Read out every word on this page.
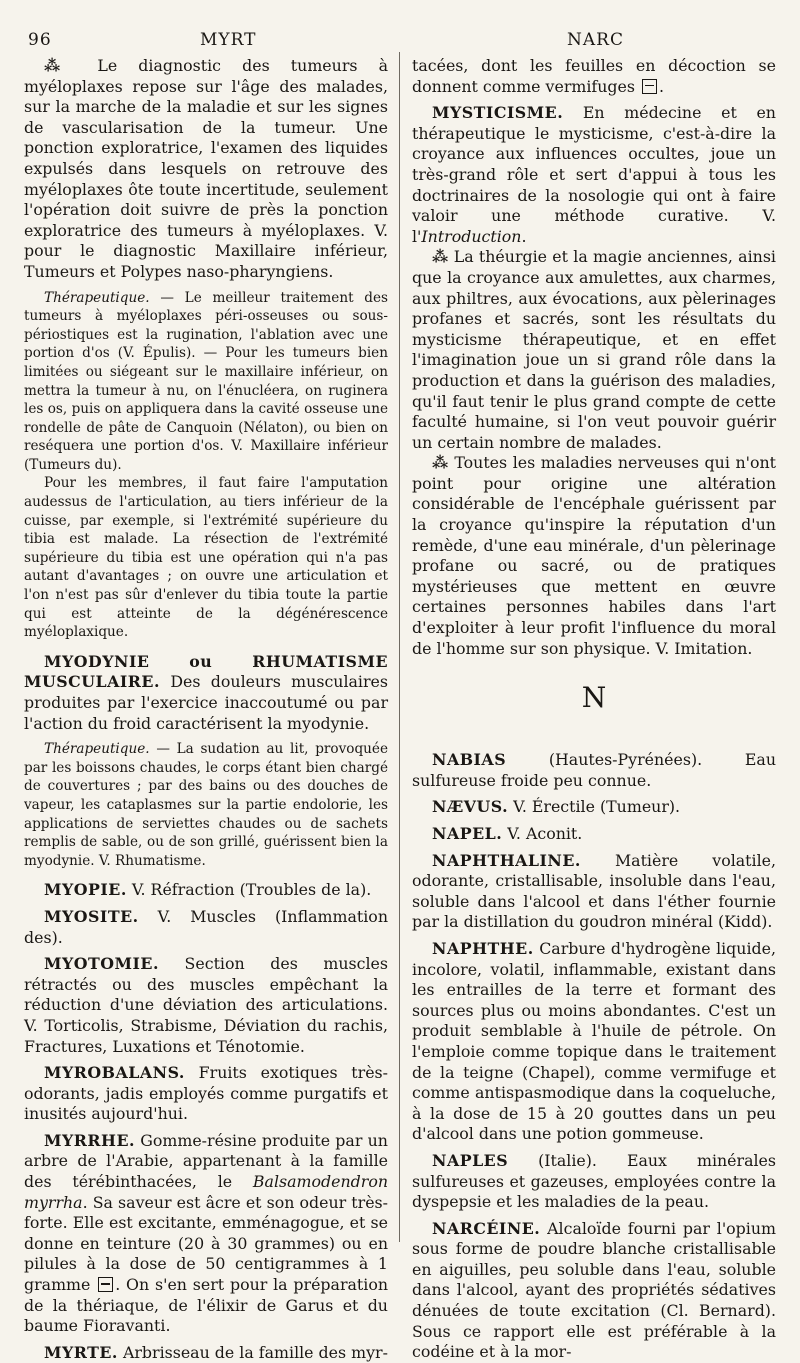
96	MYRT	NARC

⁂ Le diagnostic des tumeurs à myéloplaxes repose sur l'âge des malades, sur la marche de la maladie et sur les signes de vascularisation de la tumeur. Une ponction exploratrice, l'examen des liquides expulsés dans lesquels on retrouve des myéloplaxes ôte toute incertitude, seulement l'opération doit suivre de près la ponction exploratrice des tumeurs à myéloplaxes. V. pour le diagnostic Maxillaire inférieur, Tumeurs et Polypes naso-pharyngiens.

Thérapeutique. — Le meilleur traitement des tumeurs à myéloplaxes péri-osseuses ou sous-périostiques est la rugination, l'ablation avec une portion d'os (V. Épulis). — Pour les tumeurs bien limitées ou siégeant sur le maxillaire inférieur, on mettra la tumeur à nu, on l'énucléera, on ruginera les os, puis on appliquera dans la cavité osseuse une rondelle de pâte de Canquoin (Nélaton), ou bien on reséquera une portion d'os. V. Maxillaire inférieur (Tumeurs du).

Pour les membres, il faut faire l'amputation audessus de l'articulation, au tiers inférieur de la cuisse, par exemple, si l'extrémité supérieure du tibia est malade. La résection de l'extrémité supérieure du tibia est une opération qui n'a pas autant d'avantages ; on ouvre une articulation et l'on n'est pas sûr d'enlever du tibia toute la partie qui est atteinte de la dégénérescence myéloplaxique.

MYODYNIE ou RHUMATISME MUSCULAIRE. Des douleurs musculaires produites par l'exercice inaccoutumé ou par l'action du froid caractérisent la myodynie.

Thérapeutique. — La sudation au lit, provoquée par les boissons chaudes, le corps étant bien chargé de couvertures ; par des bains ou des douches de vapeur, les cataplasmes sur la partie endolorie, les applications de serviettes chaudes ou de sachets remplis de sable, ou de son grillé, guérissent bien la myodynie. V. Rhumatisme.

MYOPIE. V. Réfraction (Troubles de la).

MYOSITE. V. Muscles (Inflammation des).

MYOTOMIE. Section des muscles rétractés ou des muscles empêchant la réduction d'une déviation des articulations. V. Torticolis, Strabisme, Déviation du rachis, Fractures, Luxations et Ténotomie.

MYROBALANS. Fruits exotiques très-odorants, jadis employés comme purgatifs et inusités aujourd'hui.

MYRRHE. Gomme-résine produite par un arbre de l'Arabie, appartenant à la famille des térébinthacées, le Balsamodendron myrrha. Sa saveur est âcre et son odeur très-forte. Elle est excitante, emménagogue, et se donne en teinture (20 à 30 grammes) ou en pilules à la dose de 50 centigrammes à 1 gramme . On s'en sert pour la préparation de la thériaque, de l'élixir de Garus et du baume Fioravanti.

MYRTE. Arbrisseau de la famille des myr-

tacées, dont les feuilles en décoction se donnent comme vermifuges .

MYSTICISME. En médecine et en thérapeutique le mysticisme, c'est-à-dire la croyance aux influences occultes, joue un très-grand rôle et sert d'appui à tous les doctrinaires de la nosologie qui ont à faire valoir une méthode curative. V. l'Introduction.

⁂ La théurgie et la magie anciennes, ainsi que la croyance aux amulettes, aux charmes, aux philtres, aux évocations, aux pèlerinages profanes et sacrés, sont les résultats du mysticisme thérapeutique, et en effet l'imagination joue un si grand rôle dans la production et dans la guérison des maladies, qu'il faut tenir le plus grand compte de cette faculté humaine, si l'on veut pouvoir guérir un certain nombre de malades.

⁂ Toutes les maladies nerveuses qui n'ont point pour origine une altération considérable de l'encéphale guérissent par la croyance qu'inspire la réputation d'un remède, d'une eau minérale, d'un pèlerinage profane ou sacré, ou de pratiques mystérieuses que mettent en œuvre certaines personnes habiles dans l'art d'exploiter à leur profit l'influence du moral de l'homme sur son physique. V. Imitation.

N

NABIAS (Hautes-Pyrénées). Eau sulfureuse froide peu connue.

NÆVUS. V. Érectile (Tumeur).

NAPEL. V. Aconit.

NAPHTHALINE. Matière volatile, odorante, cristallisable, insoluble dans l'eau, soluble dans l'alcool et dans l'éther fournie par la distillation du goudron minéral (Kidd).

NAPHTHE. Carbure d'hydrogène liquide, incolore, volatil, inflammable, existant dans les entrailles de la terre et formant des sources plus ou moins abondantes. C'est un produit semblable à l'huile de pétrole. On l'emploie comme topique dans le traitement de la teigne (Chapel), comme vermifuge et comme antispasmodique dans la coqueluche, à la dose de 15 à 20 gouttes dans un peu d'alcool dans une potion gommeuse.

NAPLES (Italie). Eaux minérales sulfureuses et gazeuses, employées contre la dyspepsie et les maladies de la peau.

NARCÉINE. Alcaloïde fourni par l'opium sous forme de poudre blanche cristallisable en aiguilles, peu soluble dans l'eau, soluble dans l'alcool, ayant des propriétés sédatives dénuées de toute excitation (Cl. Bernard). Sous ce rapport elle est préférable à la codéine et à la mor-
